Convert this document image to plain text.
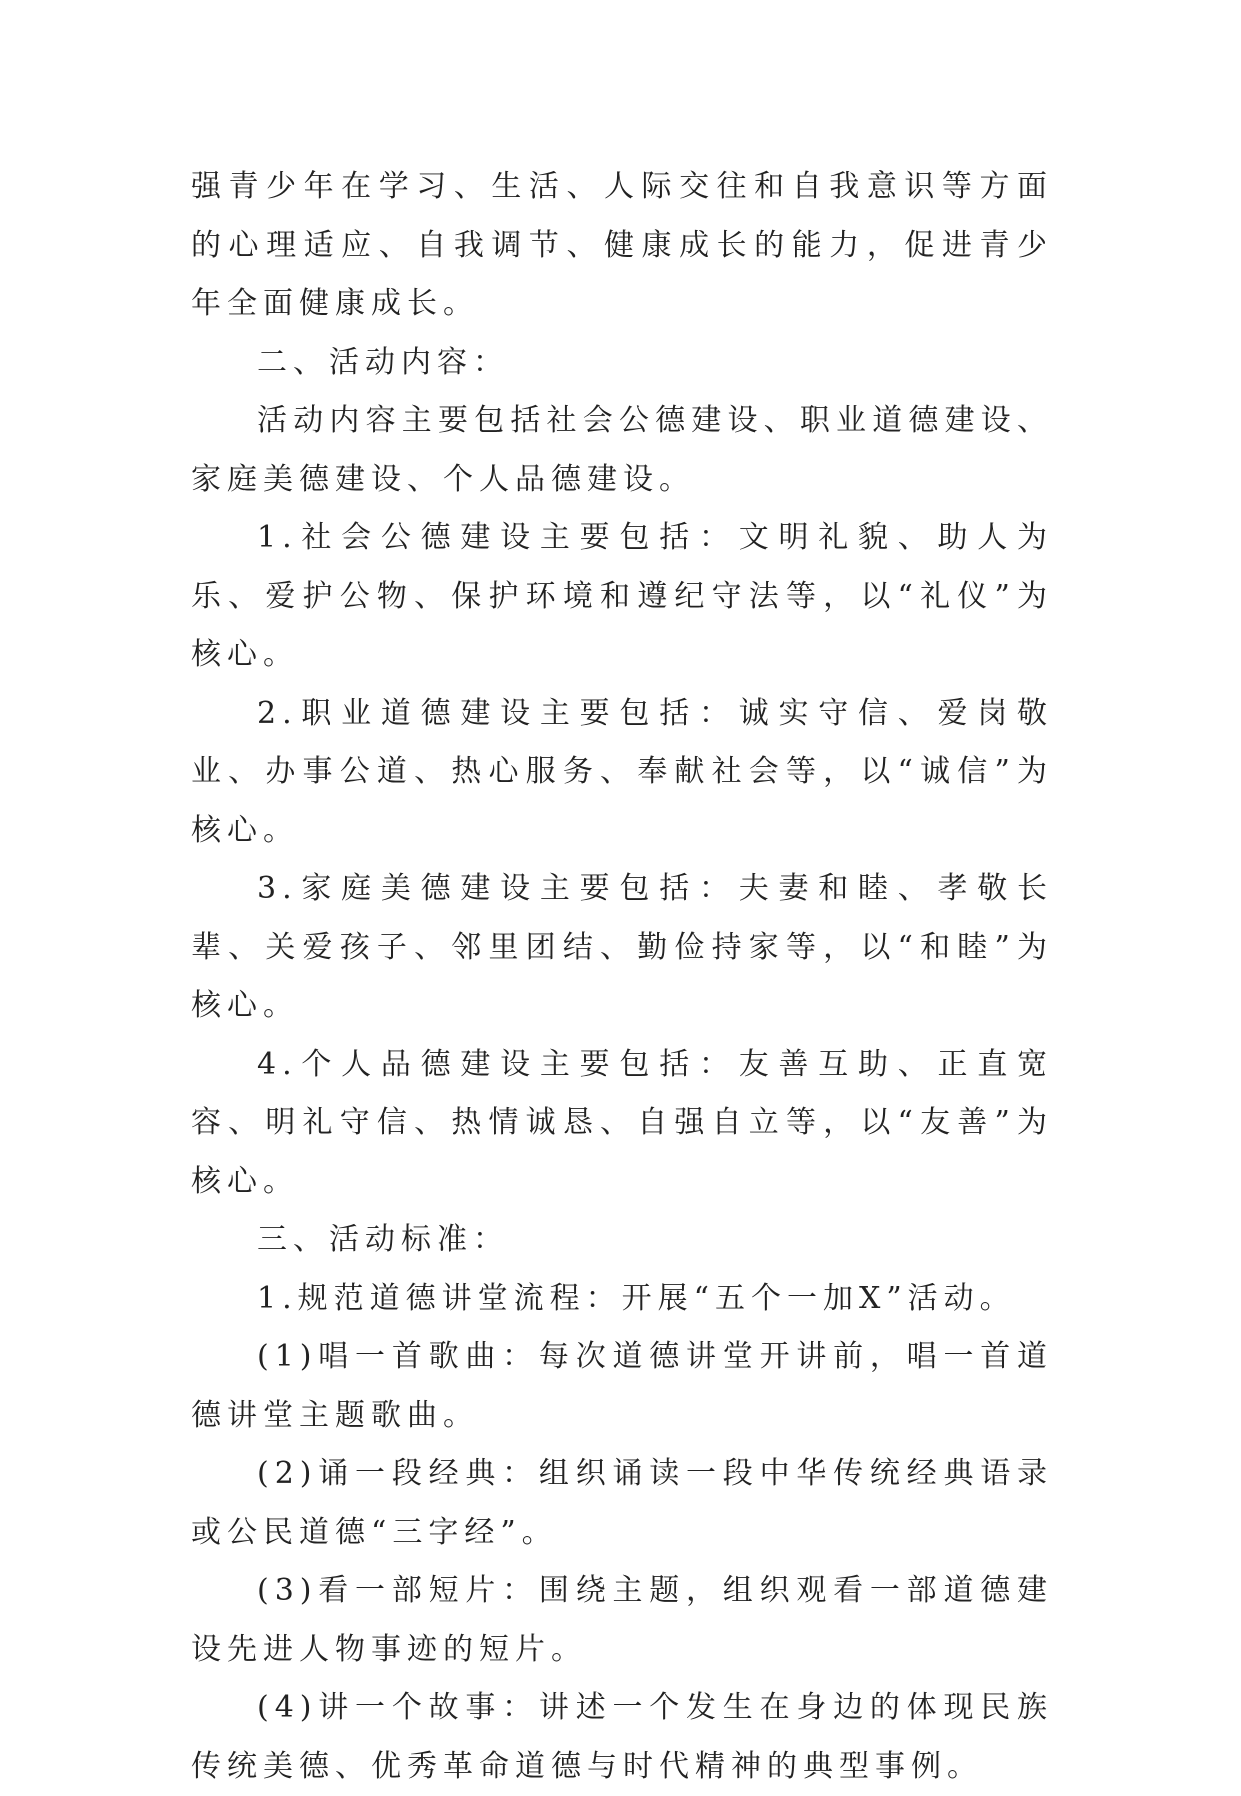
强青少年在学习、生活、人际交往和自我意识等方面的心理适应、自我调节、健康成长的能力，促进青少年全面健康成长。

二、活动内容：

活动内容主要包括社会公德建设、职业道德建设、家庭美德建设、个人品德建设。

1.社会公德建设主要包括：文明礼貌、助人为乐、爱护公物、保护环境和遵纪守法等，以“礼仪”为核心。

2.职业道德建设主要包括：诚实守信、爱岗敬业、办事公道、热心服务、奉献社会等，以“诚信”为核心。

3.家庭美德建设主要包括：夫妻和睦、孝敬长辈、关爱孩子、邻里团结、勤俭持家等，以“和睦”为核心。

4.个人品德建设主要包括：友善互助、正直宽容、明礼守信、热情诚恳、自强自立等，以“友善”为核心。

三、活动标准：

1.规范道德讲堂流程：开展“五个一加X”活动。

(1)唱一首歌曲：每次道德讲堂开讲前，唱一首道德讲堂主题歌曲。

(2)诵一段经典：组织诵读一段中华传统经典语录或公民道德“三字经”。

(3)看一部短片：围绕主题，组织观看一部道德建设先进人物事迹的短片。

(4)讲一个故事：讲述一个发生在身边的体现民族传统美德、优秀革命道德与时代精神的典型事例。
